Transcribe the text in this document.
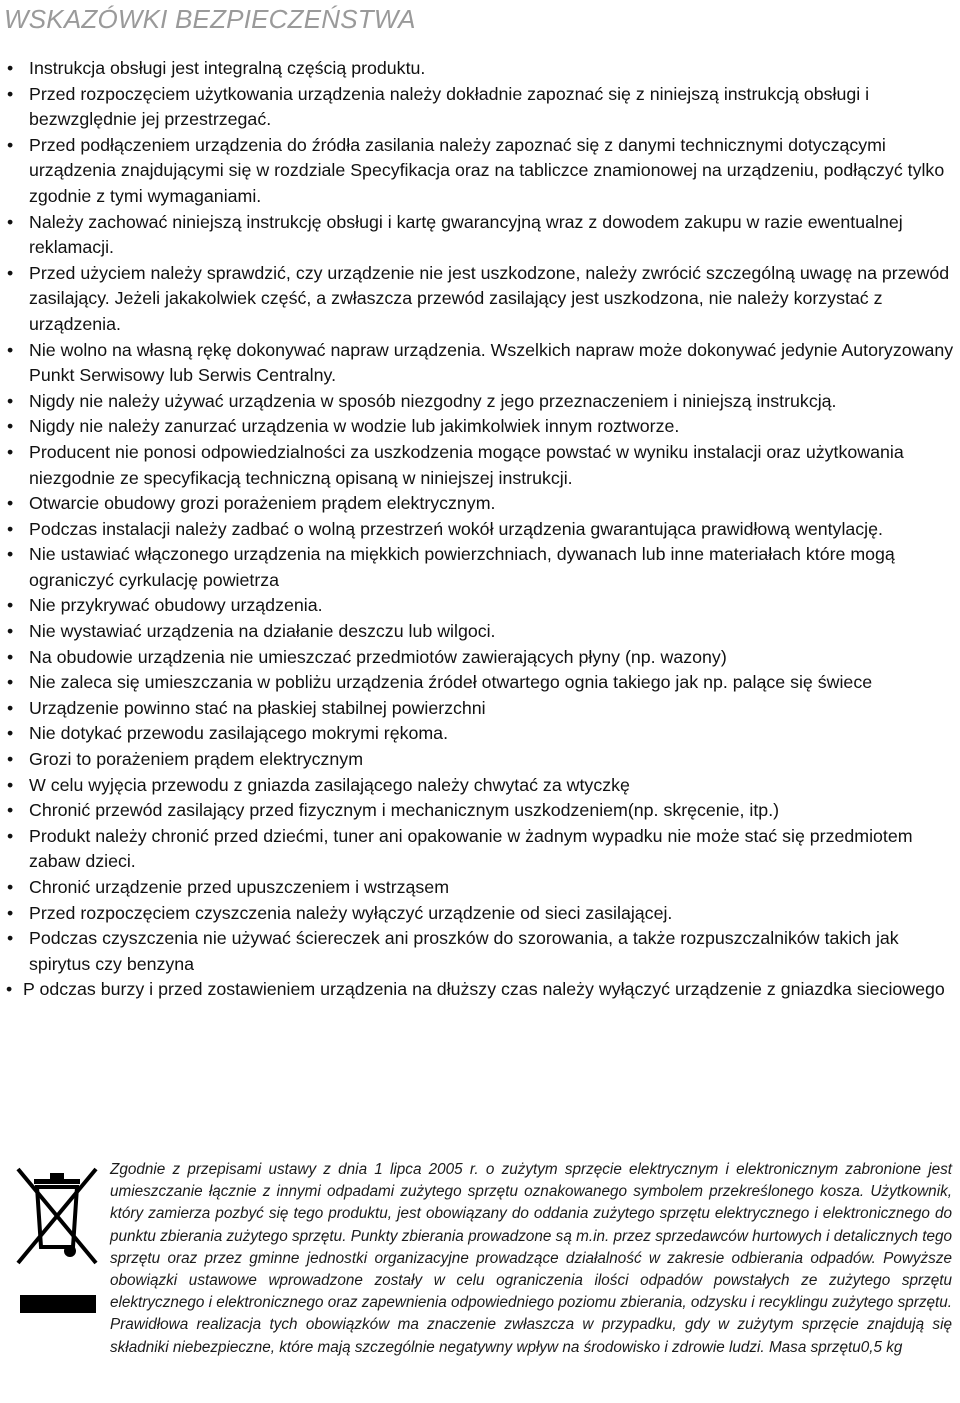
WSKAZÓWKI BEZPIECZEŃSTWA
• Instrukcja obsługi jest integralną częścią produktu.
• Przed rozpoczęciem użytkowania urządzenia należy dokładnie zapoznać się z niniejszą instrukcją obsługi i bezwzględnie jej przestrzegać.
• Przed podłączeniem urządzenia do źródła zasilania należy zapoznać się z danymi technicznymi dotyczącymi urządzenia znajdującymi się w rozdziale Specyfikacja oraz na tabliczce znamionowej na urządzeniu, podłączyć tylko zgodnie z tymi wymaganiami.
• Należy zachować niniejszą instrukcję obsługi i kartę gwarancyjną wraz z dowodem zakupu w razie ewentualnej reklamacji.
• Przed użyciem należy sprawdzić, czy urządzenie nie jest uszkodzone, należy zwrócić szczególną uwagę na przewód zasilający. Jeżeli jakakolwiek część, a zwłaszcza przewód zasilający jest uszkodzona, nie należy korzystać z urządzenia.
• Nie wolno na własną rękę dokonywać napraw urządzenia. Wszelkich napraw może dokonywać jedynie Autoryzowany Punkt Serwisowy lub Serwis Centralny.
• Nigdy nie należy używać urządzenia w sposób niezgodny z jego przeznaczeniem i niniejszą instrukcją.
• Nigdy nie należy zanurzać urządzenia w wodzie lub jakimkolwiek innym roztworze.
• Producent nie ponosi odpowiedzialności za uszkodzenia mogące powstać w wyniku instalacji oraz użytkowania niezgodnie ze specyfikacją techniczną opisaną w niniejszej instrukcji.
• Otwarcie obudowy grozi porażeniem prądem elektrycznym.
• Podczas instalacji należy zadbać o wolną przestrzeń wokół urządzenia gwarantująca prawidłową wentylację.
• Nie ustawiać włączonego urządzenia na miękkich powierzchniach, dywanach lub inne materiałach które mogą ograniczyć cyrkulację powietrza
• Nie przykrywać obudowy urządzenia.
• Nie wystawiać urządzenia na działanie deszczu lub wilgoci.
• Na obudowie urządzenia nie umieszczać przedmiotów zawierających płyny (np. wazony)
• Nie zaleca się umieszczania w pobliżu urządzenia źródeł otwartego ognia takiego jak np. palące się świece
• Urządzenie powinno stać na płaskiej stabilnej powierzchni
• Nie dotykać przewodu zasilającego mokrymi rękoma.
• Grozi to porażeniem prądem elektrycznym
• W celu wyjęcia przewodu z gniazda zasilającego należy chwytać za wtyczkę
• Chronić przewód zasilający przed fizycznym i mechanicznym uszkodzeniem(np. skręcenie, itp.)
• Produkt należy chronić przed dziećmi, tuner ani opakowanie w żadnym wypadku nie może stać się przedmiotem zabaw dzieci.
• Chronić urządzenie przed upuszczeniem i wstrząsem
• Przed rozpoczęciem czyszczenia należy wyłączyć urządzenie od sieci zasilającej.
• Podczas czyszczenia nie używać ściereczek ani proszków do szorowania, a także rozpuszczalników takich jak spirytus czy benzyna
• P odczas burzy i przed zostawieniem urządzenia na dłuższy czas należy wyłączyć urządzenie z gniazdka sieciowego

Zgodnie z przepisami ustawy z dnia 1 lipca 2005 r. o zużytym sprzęcie elektrycznym i elektronicznym zabronione jest umieszczanie łącznie z innymi odpadami zużytego sprzętu oznakowanego symbolem przekreślonego kosza. Użytkownik, który zamierza pozbyć się tego produktu, jest obowiązany do oddania zużytego sprzętu elektrycznego i elektronicznego do punktu zbierania zużytego sprzętu. Punkty zbierania prowadzone są m.in. przez sprzedawców hurtowych i detalicznych tego sprzętu oraz przez gminne jednostki organizacyjne prowadzące działalność w zakresie odbierania odpadów. Powyższe obowiązki ustawowe wprowadzone zostały w celu ograniczenia ilości odpadów powstałych ze zużytego sprzętu elektrycznego i elektronicznego oraz zapewnienia odpowiedniego poziomu zbierania, odzysku i recyklingu zużytego sprzętu. Prawidłowa realizacja tych obowiązków ma znaczenie zwłaszcza w przypadku, gdy w zużytym sprzęcie znajdują się składniki niebezpieczne, które mają szczególnie negatywny wpływ na środowisko i zdrowie ludzi. Masa sprzętu0,5 kg
